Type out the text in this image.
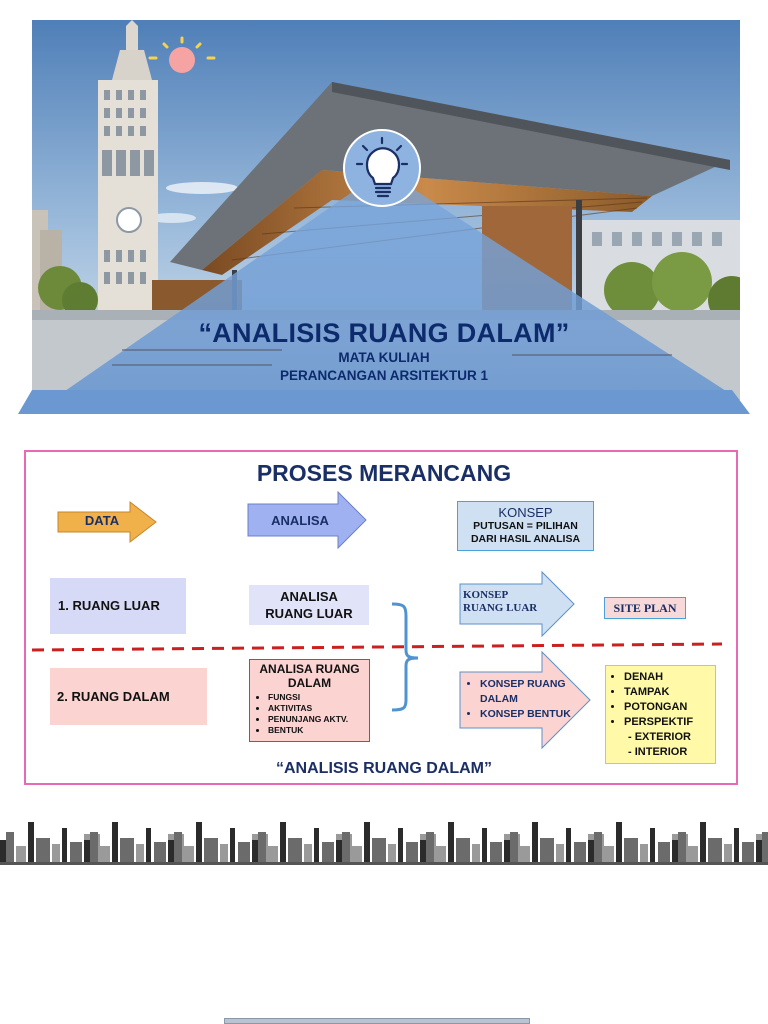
“ANALISIS RUANG DALAM”
MATA KULIAH
PERANCANGAN ARSITEKTUR 1
PROSES MERANCANG
DATA	ANALISA
KONSEP
PUTUSAN = PILIHAN
DARI HASIL ANALISA
1. RUANG LUAR
ANALISA
RUANG LUAR
KONSEP
RUANG LUAR	SITE PLAN
2. RUANG DALAM
ANALISA RUANG DALAM
• FUNGSI
• AKTIVITAS
• PENUNJANG AKTV.
• BENTUK
• KONSEP RUANG DALAM
• KONSEP BENTUK
• DENAH
• TAMPAK
• POTONGAN
• PERSPEKTIF
- EXTERIOR
- INTERIOR
“ANALISIS RUANG DALAM”
